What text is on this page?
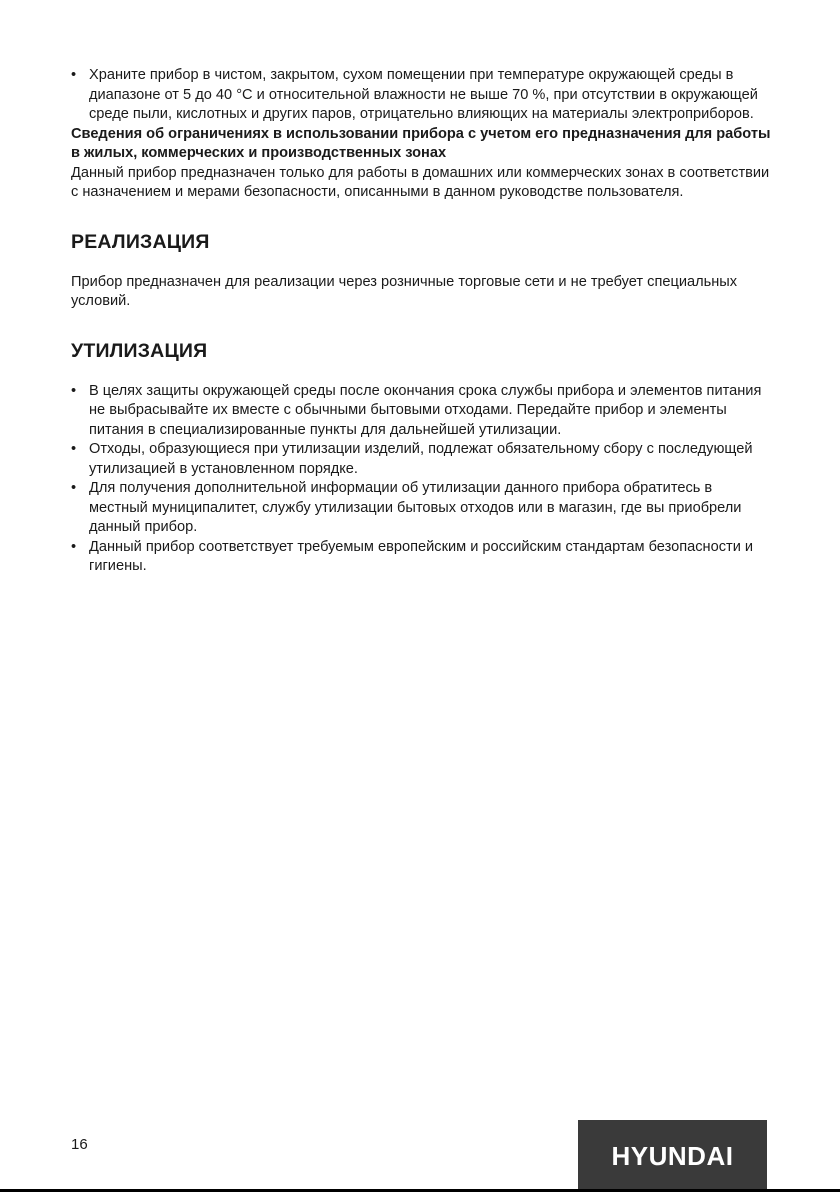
• Храните прибор в чистом, закрытом, сухом помещении при температуре окружающей среды в диапазоне от 5 до 40 °C и относительной влажности не выше 70 %, при отсутствии в окружающей среде пыли, кислотных и других паров, отрицательно влияющих на материалы электроприборов.

Сведения об ограничениях в использовании прибора с учетом его предназначения для работы в жилых, коммерческих и производственных зонах

Данный прибор предназначен только для работы в домашних или коммерческих зонах в соответствии с назначением и мерами безопасности, описанными в данном руководстве пользователя.

РЕАЛИЗАЦИЯ

Прибор предназначен для реализации через розничные торговые сети и не требует специальных условий.

УТИЛИЗАЦИЯ
• В целях защиты окружающей среды после окончания срока службы прибора и элементов питания не выбрасывайте их вместе с обычными бытовыми отходами. Передайте прибор и элементы питания в специализированные пункты для дальнейшей утилизации.
• Отходы, образующиеся при утилизации изделий, подлежат обязательному сбору с последующей утилизацией в установленном порядке.
• Для получения дополнительной информации об утилизации данного прибора обратитесь в местный муниципалитет, службу утилизации бытовых отходов или в магазин, где вы приобрели данный прибор.
• Данный прибор соответствует требуемым европейским и российским стандартам безопасности и гигиены.
16	HYUNDAI
